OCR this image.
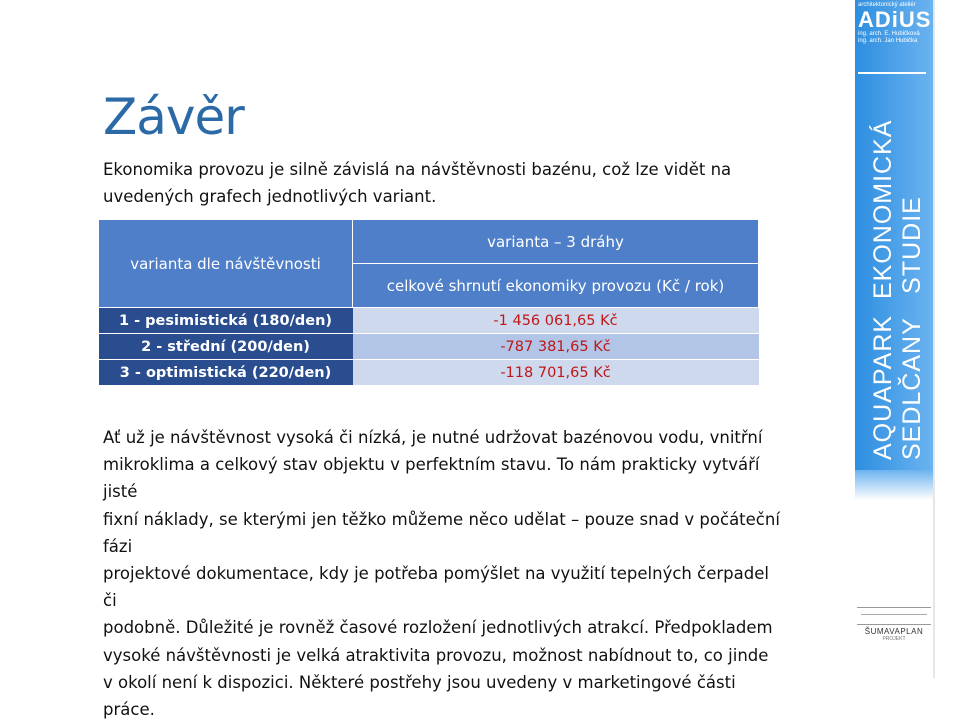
Závěr
Ekonomika provozu je silně závislá na návštěvnosti bazénu, což lze vidět na
uvedených grafech jednotlivých variant.
varianta dle návštěvnosti	varianta – 3 dráhy
	celkové shrnutí ekonomiky provozu (Kč / rok)
1 - pesimistická (180/den)	-1 456 061,65 Kč
2 - střední (200/den)	-787 381,65 Kč
3 - optimistická (220/den)	-118 701,65 Kč
Ať už je návštěvnost vysoká či nízká, je nutné udržovat bazénovou vodu, vnitřní
mikroklima a celkový stav objektu v perfektním stavu. To nám prakticky vytváří jisté
fixní náklady, se kterými jen těžko můžeme něco udělat – pouze snad v počáteční fázi
projektové dokumentace, kdy je potřeba pomýšlet na využití tepelných čerpadel či
podobně. Důležité je rovněž časové rozložení jednotlivých atrakcí. Předpokladem
vysoké návštěvnosti je velká atraktivita provozu, možnost nabídnout to, co jinde
v okolí není k dispozici. Některé postřehy jsou uvedeny v marketingové části práce.
architektonický ateliér
ADiUS
ing. arch. E. Hubičková
ing. arch. Jan Hubička
AQUAPARK  EKONOMICKÁ SEDLČANY   STUDIE
ŠUMAVAPLAN
PROJEKT
